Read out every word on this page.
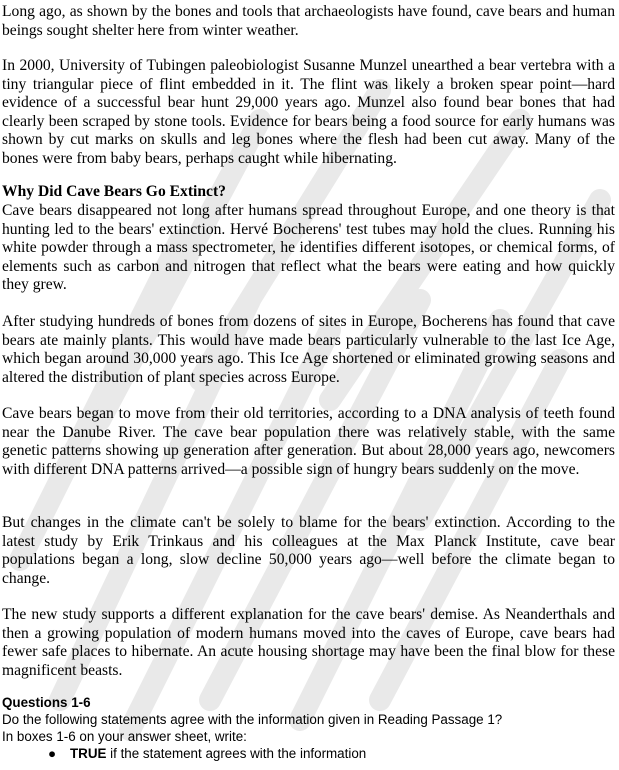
Long ago, as shown by the bones and tools that archaeologists have found, cave bears and human beings sought shelter here from winter weather.

In 2000, University of Tubingen paleobiologist Susanne Munzel unearthed a bear vertebra with a tiny triangular piece of flint embedded in it. The flint was likely a broken spear point—hard evidence of a successful bear hunt 29,000 years ago. Munzel also found bear bones that had clearly been scraped by stone tools. Evidence for bears being a food source for early humans was shown by cut marks on skulls and leg bones where the flesh had been cut away. Many of the bones were from baby bears, perhaps caught while hibernating.

Why Did Cave Bears Go Extinct?

Cave bears disappeared not long after humans spread throughout Europe, and one theory is that hunting led to the bears' extinction. Hervé Bocherens' test tubes may hold the clues. Running his white powder through a mass spectrometer, he identifies different isotopes, or chemical forms, of elements such as carbon and nitrogen that reflect what the bears were eating and how quickly they grew.

After studying hundreds of bones from dozens of sites in Europe, Bocherens has found that cave bears ate mainly plants. This would have made bears particularly vulnerable to the last Ice Age, which began around 30,000 years ago. This Ice Age shortened or eliminated growing seasons and altered the distribution of plant species across Europe.

Cave bears began to move from their old territories, according to a DNA analysis of teeth found near the Danube River. The cave bear population there was relatively stable, with the same genetic patterns showing up generation after generation. But about 28,000 years ago, newcomers with different DNA patterns arrived—a possible sign of hungry bears suddenly on the move.

But changes in the climate can't be solely to blame for the bears' extinction. According to the latest study by Erik Trinkaus and his colleagues at the Max Planck Institute, cave bear populations began a long, slow decline 50,000 years ago—well before the climate began to change.

The new study supports a different explanation for the cave bears' demise. As Neanderthals and then a growing population of modern humans moved into the caves of Europe, cave bears had fewer safe places to hibernate. An acute housing shortage may have been the final blow for these magnificent beasts.

Questions 1-6

Do the following statements agree with the information given in Reading Passage 1?

In boxes 1-6 on your answer sheet, write:

●	TRUE if the statement agrees with the information
